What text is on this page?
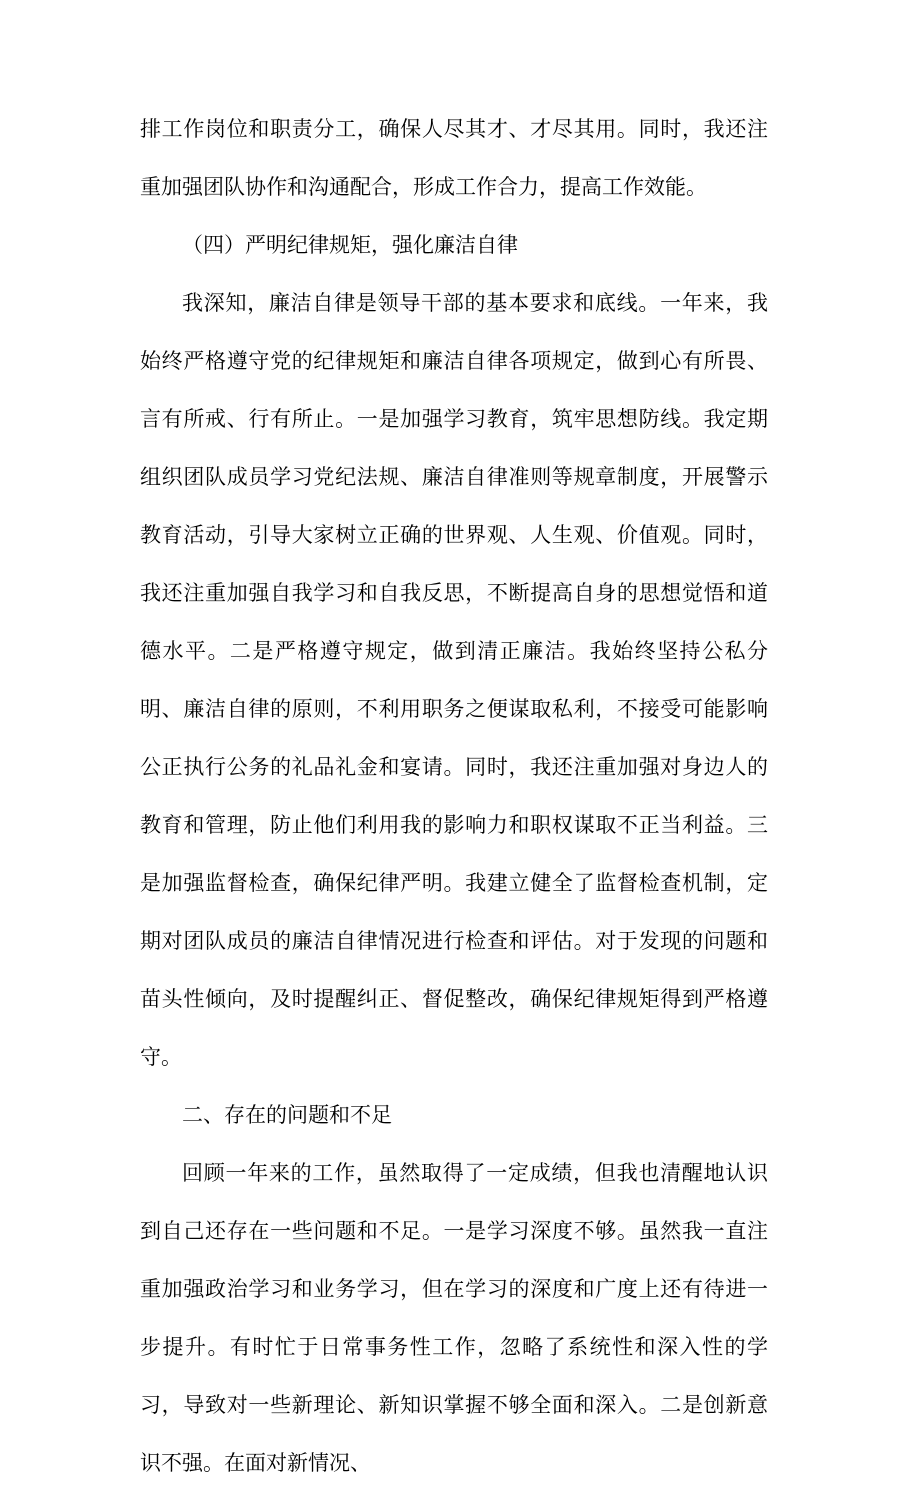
排工作岗位和职责分工，确保人尽其才、才尽其用。同时，我还注重加强团队协作和沟通配合，形成工作合力，提高工作效能。

（四）严明纪律规矩，强化廉洁自律

我深知，廉洁自律是领导干部的基本要求和底线。一年来，我始终严格遵守党的纪律规矩和廉洁自律各项规定，做到心有所畏、言有所戒、行有所止。一是加强学习教育，筑牢思想防线。我定期组织团队成员学习党纪法规、廉洁自律准则等规章制度，开展警示教育活动，引导大家树立正确的世界观、人生观、价值观。同时，我还注重加强自我学习和自我反思，不断提高自身的思想觉悟和道德水平。二是严格遵守规定，做到清正廉洁。我始终坚持公私分明、廉洁自律的原则，不利用职务之便谋取私利，不接受可能影响公正执行公务的礼品礼金和宴请。同时，我还注重加强对身边人的教育和管理，防止他们利用我的影响力和职权谋取不正当利益。三是加强监督检查，确保纪律严明。我建立健全了监督检查机制，定期对团队成员的廉洁自律情况进行检查和评估。对于发现的问题和苗头性倾向，及时提醒纠正、督促整改，确保纪律规矩得到严格遵守。

二、存在的问题和不足

回顾一年来的工作，虽然取得了一定成绩，但我也清醒地认识到自己还存在一些问题和不足。一是学习深度不够。虽然我一直注重加强政治学习和业务学习，但在学习的深度和广度上还有待进一步提升。有时忙于日常事务性工作，忽略了系统性和深入性的学习，导致对一些新理论、新知识掌握不够全面和深入。二是创新意识不强。在面对新情况、
